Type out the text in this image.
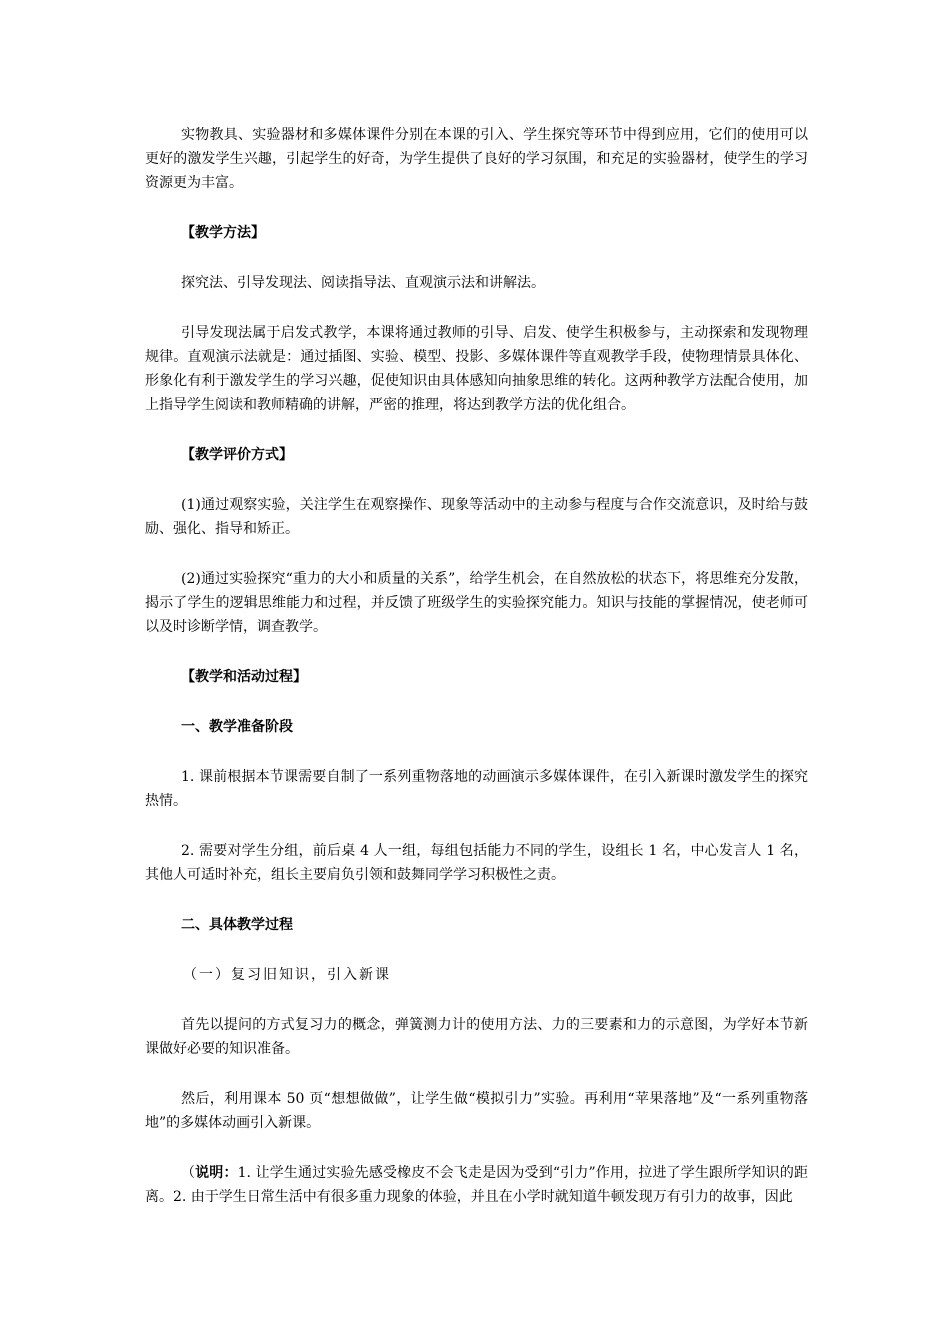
实物教具、实验器材和多媒体课件分别在本课的引入、学生探究等环节中得到应用，它们的使用可以更好的激发学生兴趣，引起学生的好奇，为学生提供了良好的学习氛围，和充足的实验器材，使学生的学习资源更为丰富。

【教学方法】

探究法、引导发现法、阅读指导法、直观演示法和讲解法。

引导发现法属于启发式教学，本课将通过教师的引导、启发、使学生积极参与，主动探索和发现物理规律。直观演示法就是：通过插图、实验、模型、投影、多媒体课件等直观教学手段，使物理情景具体化、形象化有利于激发学生的学习兴趣，促使知识由具体感知向抽象思维的转化。这两种教学方法配合使用，加上指导学生阅读和教师精确的讲解，严密的推理，将达到教学方法的优化组合。

【教学评价方式】

(1)通过观察实验，关注学生在观察操作、现象等活动中的主动参与程度与合作交流意识，及时给与鼓励、强化、指导和矫正。

(2)通过实验探究“重力的大小和质量的关系”，给学生机会，在自然放松的状态下，将思维充分发散，揭示了学生的逻辑思维能力和过程，并反馈了班级学生的实验探究能力。知识与技能的掌握情况，使老师可以及时诊断学情，调查教学。

【教学和活动过程】

一、教学准备阶段

1. 课前根据本节课需要自制了一系列重物落地的动画演示多媒体课件，在引入新课时激发学生的探究热情。

2. 需要对学生分组，前后桌 4 人一组，每组包括能力不同的学生，设组长 1 名，中心发言人 1 名，其他人可适时补充，组长主要肩负引领和鼓舞同学学习积极性之责。

二、具体教学过程

（一）复习旧知识，引入新课

首先以提问的方式复习力的概念，弹簧测力计的使用方法、力的三要素和力的示意图，为学好本节新课做好必要的知识准备。

然后，利用课本 50 页“想想做做”，让学生做“模拟引力”实验。再利用“苹果落地”及“一系列重物落地”的多媒体动画引入新课。

（说明：1. 让学生通过实验先感受橡皮不会飞走是因为受到“引力”作用，拉进了学生跟所学知识的距离。2. 由于学生日常生活中有很多重力现象的体验，并且在小学时就知道牛顿发现万有引力的故事，因此
